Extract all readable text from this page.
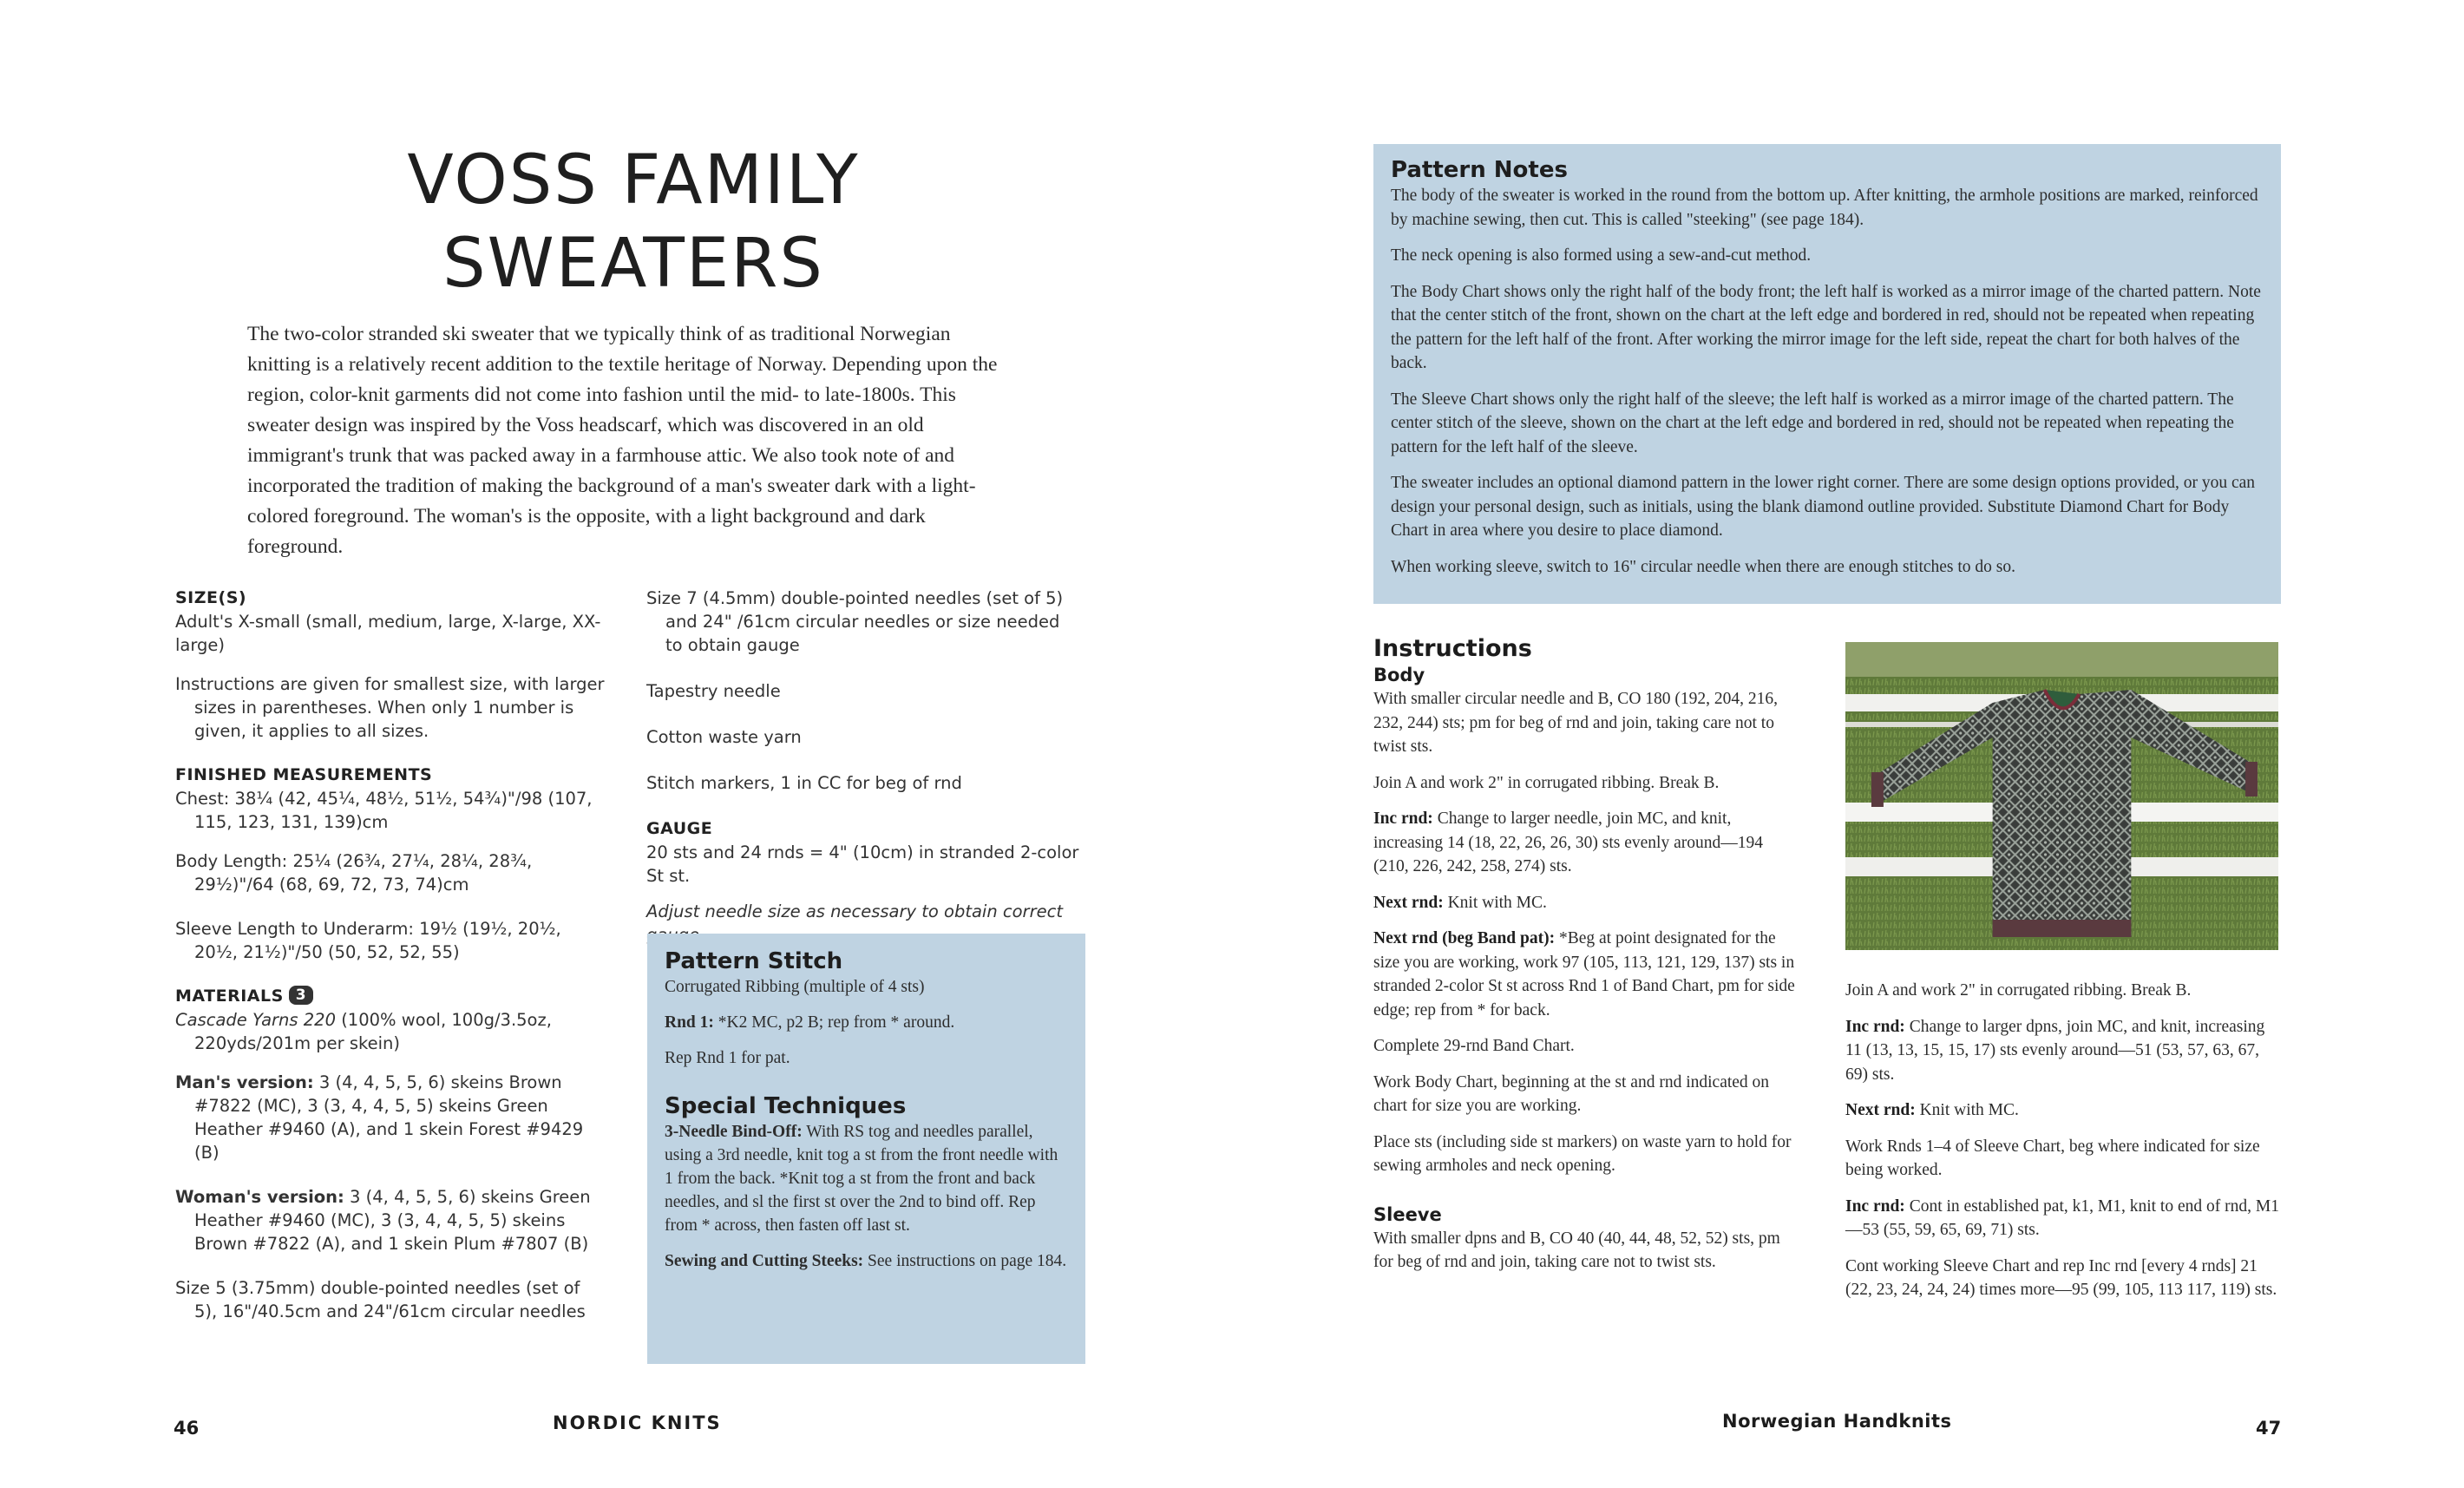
VOSS FAMILY
SWEATERS

The two-color stranded ski sweater that we typically think of as traditional Norwegian knitting is a relatively recent addition to the textile heritage of Norway. Depending upon the region, color-knit garments did not come into fashion until the mid- to late-1800s. This sweater design was inspired by the Voss headscarf, which was discovered in an old immigrant's trunk that was packed away in a farmhouse attic. We also took note of and incorporated the tradition of making the background of a man's sweater dark with a light-colored foreground. The woman's is the opposite, with a light background and dark foreground.

SIZE(S)
Adult's X-small (small, medium, large, X-large, XX-large)
Instructions are given for smallest size, with larger sizes in parentheses. When only 1 number is given, it applies to all sizes.
FINISHED MEASUREMENTS
Chest: 38¼ (42, 45¼, 48½, 51½, 54¾)"/98 (107, 115, 123, 131, 139)cm
Body Length: 25¼ (26¾, 27¼, 28¼, 28¾, 29½)"/64 (68, 69, 72, 73, 74)cm
Sleeve Length to Underarm: 19½ (19½, 20½, 20½, 21½)"/50 (50, 52, 52, 55)
MATERIALS 3
Cascade Yarns 220 (100% wool, 100g/3.5oz, 220yds/201m per skein)
Man's version: 3 (4, 4, 5, 5, 6) skeins Brown #7822 (MC), 3 (3, 4, 4, 5, 5) skeins Green Heather #9460 (A), and 1 skein Forest #9429 (B)
Woman's version: 3 (4, 4, 5, 5, 6) skeins Green Heather #9460 (MC), 3 (3, 4, 4, 5, 5) skeins Brown #7822 (A), and 1 skein Plum #7807 (B)
Size 5 (3.75mm) double-pointed needles (set of 5), 16"/40.5cm and 24"/61cm circular needles
Size 7 (4.5mm) double-pointed needles (set of 5) and 24" /61cm circular needles or size needed to obtain gauge
Tapestry needle
Cotton waste yarn
Stitch markers, 1 in CC for beg of rnd
GAUGE
20 sts and 24 rnds = 4" (10cm) in stranded 2-color St st.
Adjust needle size as necessary to obtain correct
Pattern Stitch

Corrugated Ribbing (multiple of 4 sts)

Rnd 1: *K2 MC, p2 B; rep from * around.

Rep Rnd 1 for pat.

Special Techniques

3-Needle Bind-Off: With RS tog and needles parallel, using a 3rd needle, knit tog a st from the front needle with 1 from the back. *Knit tog a st from the front and back needles, and sl the first st over the 2nd to bind off. Rep from * across, then fasten off last st.

Sewing and Cutting Steeks: See instructions on page 184.

46	NORDIC KNITS
Pattern Notes

The body of the sweater is worked in the round from the bottom up. After knitting, the armhole positions are marked, reinforced by machine sewing, then cut. This is called "steeking" (see page 184).

The neck opening is also formed using a sew-and-cut method.

The Body Chart shows only the right half of the body front; the left half is worked as a mirror image of the charted pattern. Note that the center stitch of the front, shown on the chart at the left edge and bordered in red, should not be repeated when repeating the pattern for the left half of the front. After working the mirror image for the left side, repeat the chart for both halves of the back.

The Sleeve Chart shows only the right half of the sleeve; the left half is worked as a mirror image of the charted pattern. The center stitch of the sleeve, shown on the chart at the left edge and bordered in red, should not be repeated when repeating the pattern for the left half of the sleeve.

The sweater includes an optional diamond pattern in the lower right corner. There are some design options provided, or you can design your personal design, such as initials, using the blank diamond outline provided. Substitute Diamond Chart for Body Chart in area where you desire to place diamond.

When working sleeve, switch to 16" circular needle when there are enough stitches to do so.

Instructions
Body

With smaller circular needle and B, CO 180 (192, 204, 216, 232, 244) sts; pm for beg of rnd and join, taking care not to twist sts.

Join A and work 2" in corrugated ribbing. Break B.

Inc rnd: Change to larger needle, join MC, and knit, increasing 14 (18, 22, 26, 26, 30) sts evenly around—194 (210, 226, 242, 258, 274) sts.

Next rnd: Knit with MC.

Next rnd (beg Band pat): *Beg at point designated for the size you are working, work 97 (105, 113, 121, 129, 137) sts in stranded 2-color St st across Rnd 1 of Band Chart, pm for side edge; rep from * for back.

Complete 29-rnd Band Chart.

Work Body Chart, beginning at the st and rnd indicated on chart for size you are working.

Place sts (including side st markers) on waste yarn to hold for sewing armholes and neck opening.

Sleeve

With smaller dpns and B, CO 40 (40, 44, 48, 52, 52) sts, pm for beg of rnd and join, taking care not to twist sts.

Join A and work 2" in corrugated ribbing. Break B.

Inc rnd: Change to larger dpns, join MC, and knit, increasing 11 (13, 13, 15, 15, 17) sts evenly around—51 (53, 57, 63, 67, 69) sts.

Next rnd: Knit with MC.

Work Rnds 1–4 of Sleeve Chart, beg where indicated for size being worked.

Inc rnd: Cont in established pat, k1, M1, knit to end of rnd, M1—53 (55, 59, 65, 69, 71) sts.

Cont working Sleeve Chart and rep Inc rnd [every 4 rnds] 21 (22, 23, 24, 24, 24) times more—95 (99, 105, 113 117, 119) sts.

Norwegian Handknits	47
